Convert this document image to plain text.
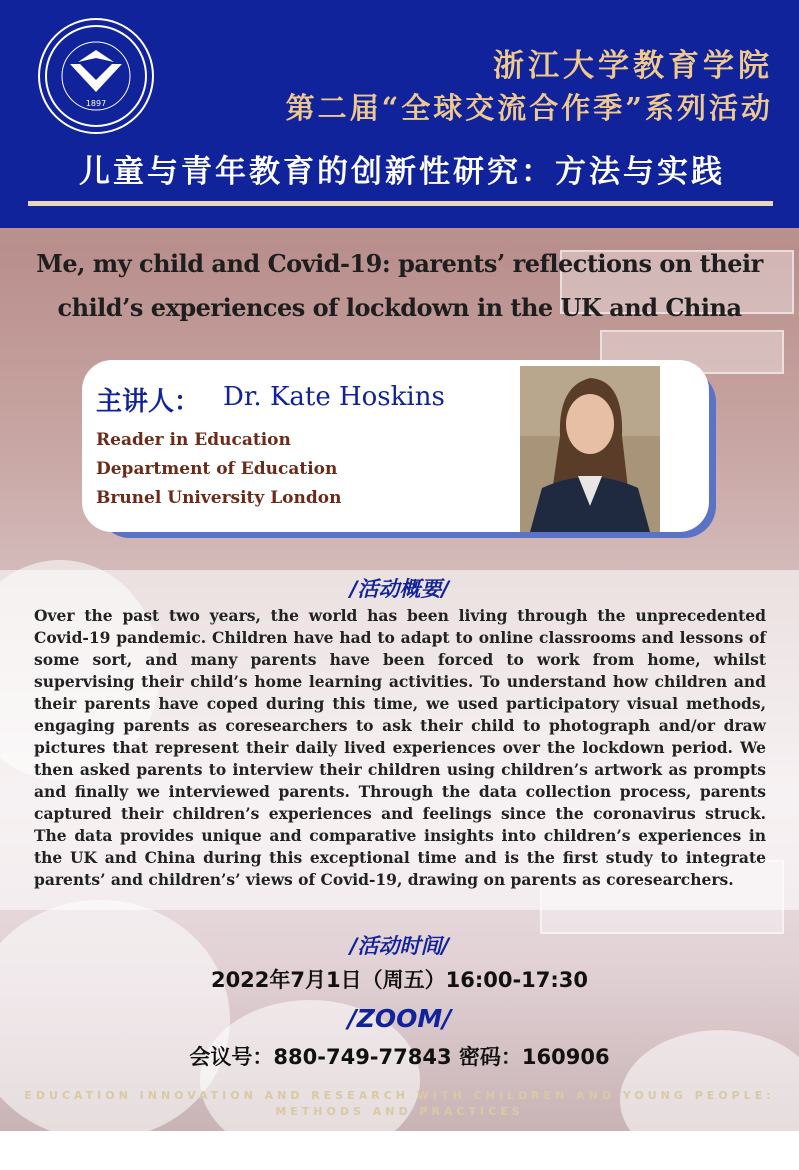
1897
浙江大学教育学院
第二届“全球交流合作季”系列活动
儿童与青年教育的创新性研究：方法与实践
Me, my child and Covid-19: parents’ reflections on their
child’s experiences of lockdown in the UK and China
主讲人： Dr. Kate Hoskins
Reader in Education
Department of Education
Brunel University London
/活动概要/
Over the past two years, the world has been living through the unprecedented Covid-19 pandemic. Children have had to adapt to online classrooms and lessons of some sort, and many parents have been forced to work from home, whilst supervising their child’s home learning activities. To understand how children and their parents have coped during this time, we used participatory visual methods, engaging parents as coresearchers to ask their child to photograph and/or draw pictures that represent their daily lived experiences over the lockdown period. We then asked parents to interview their children using children’s artwork as prompts and finally we interviewed parents. Through the data collection process, parents captured their children’s experiences and feelings since the coronavirus struck. The data provides unique and comparative insights into children’s experiences in the UK and China during this exceptional time and is the first study to integrate parents’ and children’s’ views of Covid-19, drawing on parents as coresearchers.
/活动时间/
2022年7月1日（周五）16:00-17:30
/ZOOM/
会议号：880-749-77843 密码：160906
EDUCATION INNOVATION AND RESEARCH WITH CHILDREN AND YOUNG PEOPLE:
METHODS AND PRACTICES
